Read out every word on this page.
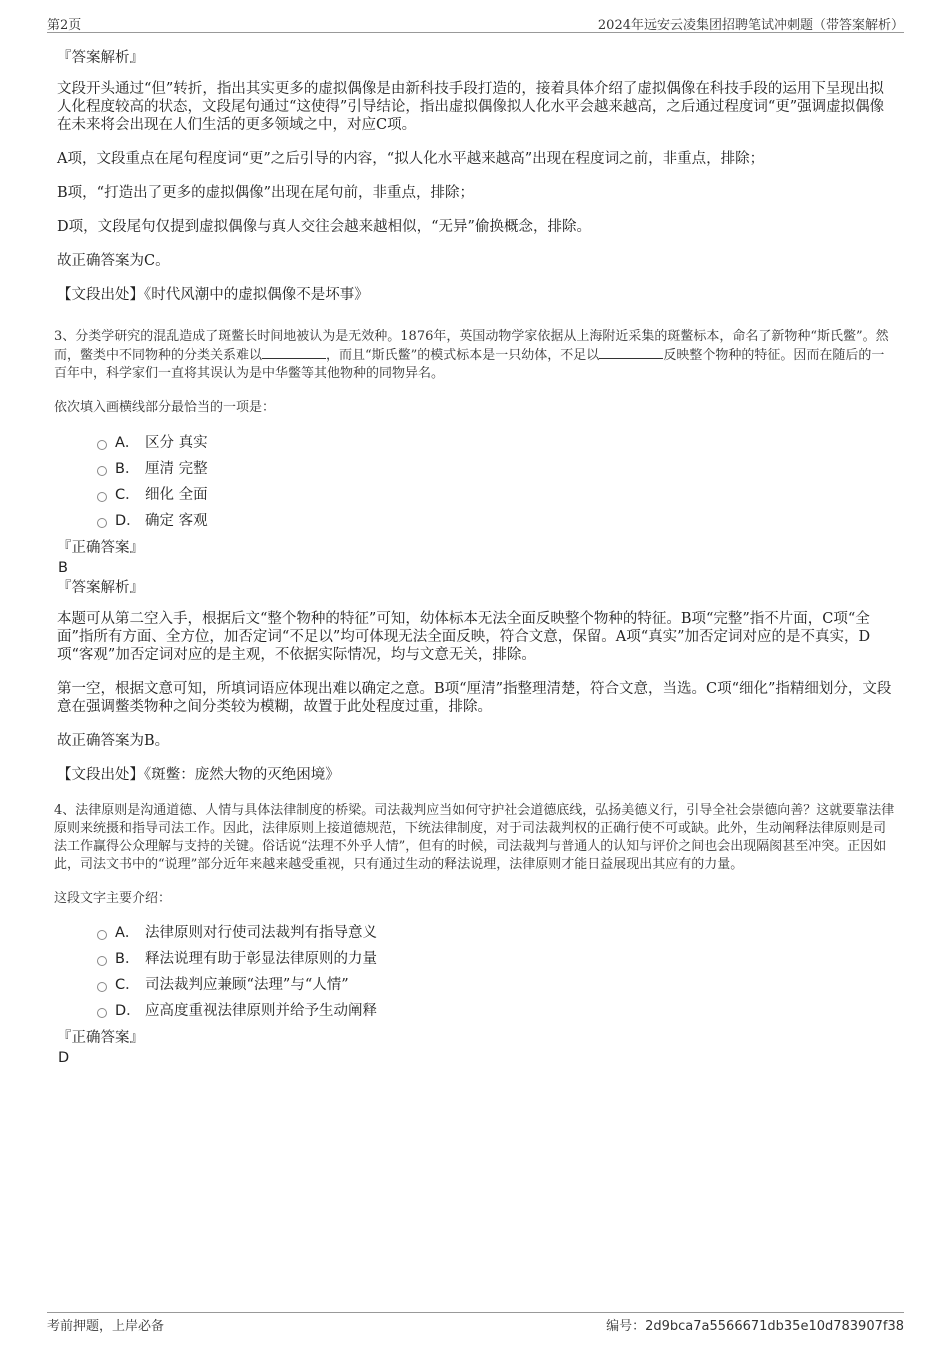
第2页	2024年远安云凌集团招聘笔试冲刺题（带答案解析）

『答案解析』

文段开头通过“但”转折，指出其实更多的虚拟偶像是由新科技手段打造的，接着具体介绍了虚拟偶像在科技手段的运用下呈现出拟人化程度较高的状态，文段尾句通过“这使得”引导结论，指出虚拟偶像拟人化水平会越来越高，之后通过程度词“更”强调虚拟偶像在未来将会出现在人们生活的更多领域之中，对应C项。

A项，文段重点在尾句程度词“更”之后引导的内容，“拟人化水平越来越高”出现在程度词之前，非重点，排除；

B项，“打造出了更多的虚拟偶像”出现在尾句前，非重点，排除；

D项，文段尾句仅提到虚拟偶像与真人交往会越来越相似，“无异”偷换概念，排除。

故正确答案为C。

【文段出处】《时代风潮中的虚拟偶像不是坏事》

3、分类学研究的混乱造成了斑鳖长时间地被认为是无效种。1876年，英国动物学家依据从上海附近采集的斑鳖标本，命名了新物种“斯氏鳖”。然而，鳖类中不同物种的分类关系难以	，而且“斯氏鳖”的模式标本是一只幼体，不足以	反映整个物种的特征。因而在随后的一百年中，科学家们一直将其误认为是中华鳖等其他物种的同物异名。

依次填入画横线部分最恰当的一项是：

A． 区分 真实
B． 厘清 完整
C． 细化 全面
D． 确定 客观

『正确答案』

B

『答案解析』

本题可从第二空入手，根据后文“整个物种的特征”可知，幼体标本无法全面反映整个物种的特征。B项“完整”指不片面，C项“全面”指所有方面、全方位，加否定词“不足以”均可体现无法全面反映，符合文意，保留。A项“真实”加否定词对应的是不真实，D项“客观”加否定词对应的是主观，不依据实际情况，均与文意无关，排除。

第一空，根据文意可知，所填词语应体现出难以确定之意。B项“厘清”指整理清楚，符合文意，当选。C项“细化”指精细划分，文段意在强调鳖类物种之间分类较为模糊，故置于此处程度过重，排除。

故正确答案为B。

【文段出处】《斑鳖：庞然大物的灭绝困境》

4、法律原则是沟通道德、人情与具体法律制度的桥梁。司法裁判应当如何守护社会道德底线，弘扬美德义行，引导全社会崇德向善？这就要靠法律原则来统摄和指导司法工作。因此，法律原则上接道德规范，下统法律制度，对于司法裁判权的正确行使不可或缺。此外，生动阐释法律原则是司法工作赢得公众理解与支持的关键。俗话说“法理不外乎人情”，但有的时候，司法裁判与普通人的认知与评价之间也会出现隔阂甚至冲突。正因如此，司法文书中的“说理”部分近年来越来越受重视，只有通过生动的释法说理，法律原则才能日益展现出其应有的力量。

这段文字主要介绍：

A． 法律原则对行使司法裁判有指导意义
B． 释法说理有助于彰显法律原则的力量
C． 司法裁判应兼顾“法理”与“人情”
D． 应高度重视法律原则并给予生动阐释

『正确答案』

D

考前押题，上岸必备	编号：2d9bca7a5566671db35e10d783907f38
